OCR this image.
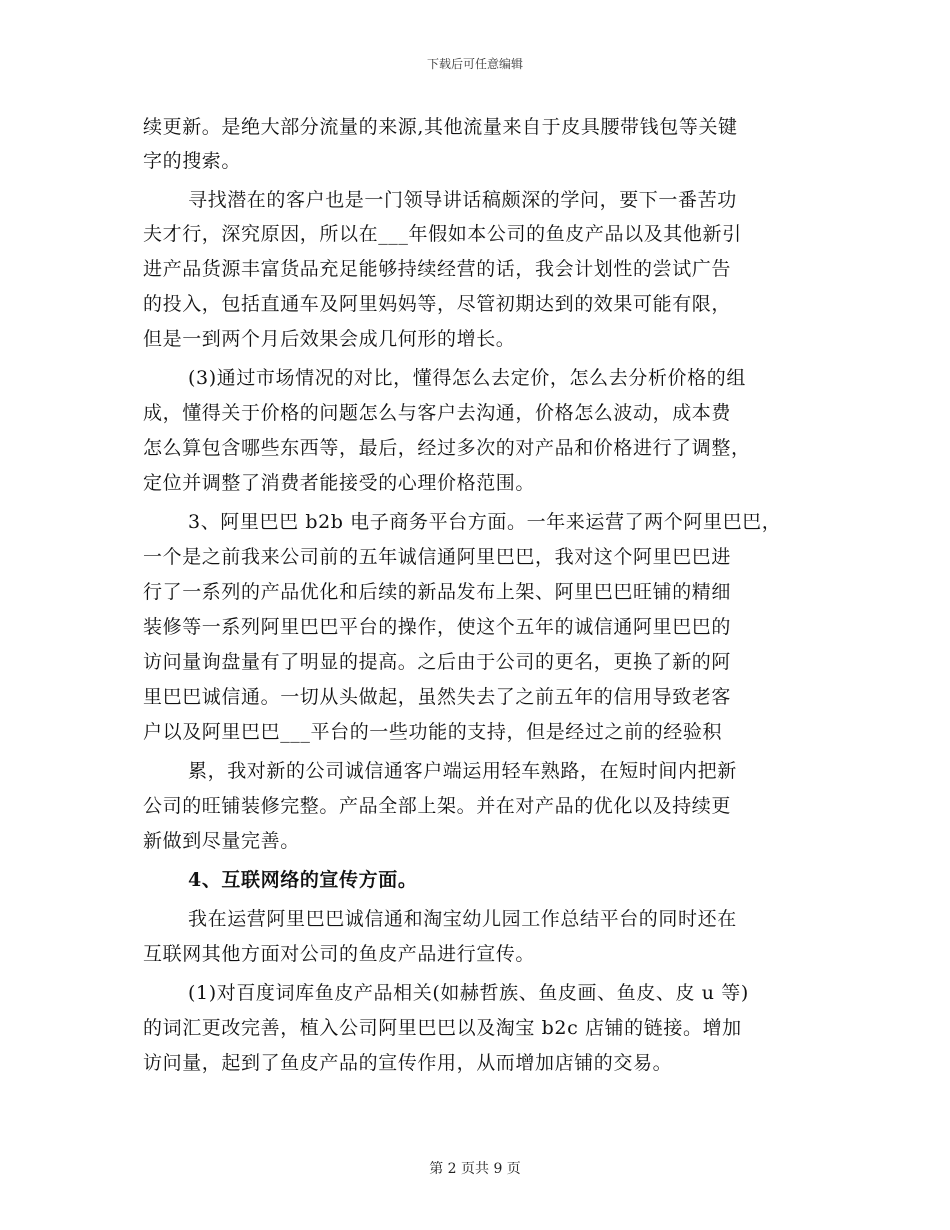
下载后可任意编辑
续更新。是绝大部分流量的来源,其他流量来自于皮具腰带钱包等关键
字的搜索。
寻找潜在的客户也是一门领导讲话稿颇深的学问，要下一番苦功
夫才行，深究原因，所以在___年假如本公司的鱼皮产品以及其他新引
进产品货源丰富货品充足能够持续经营的话，我会计划性的尝试广告
的投入，包括直通车及阿里妈妈等，尽管初期达到的效果可能有限，
但是一到两个月后效果会成几何形的增长。
(3)通过市场情况的对比，懂得怎么去定价，怎么去分析价格的组
成，懂得关于价格的问题怎么与客户去沟通，价格怎么波动，成本费
怎么算包含哪些东西等，最后，经过多次的对产品和价格进行了调整，
定位并调整了消费者能接受的心理价格范围。
3、阿里巴巴 b2b 电子商务平台方面。一年来运营了两个阿里巴巴，
一个是之前我来公司前的五年诚信通阿里巴巴，我对这个阿里巴巴进
行了一系列的产品优化和后续的新品发布上架、阿里巴巴旺铺的精细
装修等一系列阿里巴巴平台的操作，使这个五年的诚信通阿里巴巴的
访问量询盘量有了明显的提高。之后由于公司的更名，更换了新的阿
里巴巴诚信通。一切从头做起，虽然失去了之前五年的信用导致老客
户以及阿里巴巴___平台的一些功能的支持，但是经过之前的经验积
累，我对新的公司诚信通客户端运用轻车熟路，在短时间内把新
公司的旺铺装修完整。产品全部上架。并在对产品的优化以及持续更
新做到尽量完善。
4、互联网络的宣传方面。
我在运营阿里巴巴诚信通和淘宝幼儿园工作总结平台的同时还在
互联网其他方面对公司的鱼皮产品进行宣传。
(1)对百度词库鱼皮产品相关(如赫哲族、鱼皮画、鱼皮、皮 u 等)
的词汇更改完善，植入公司阿里巴巴以及淘宝 b2c 店铺的链接。增加
访问量，起到了鱼皮产品的宣传作用，从而增加店铺的交易。
第 2 页共 9 页
